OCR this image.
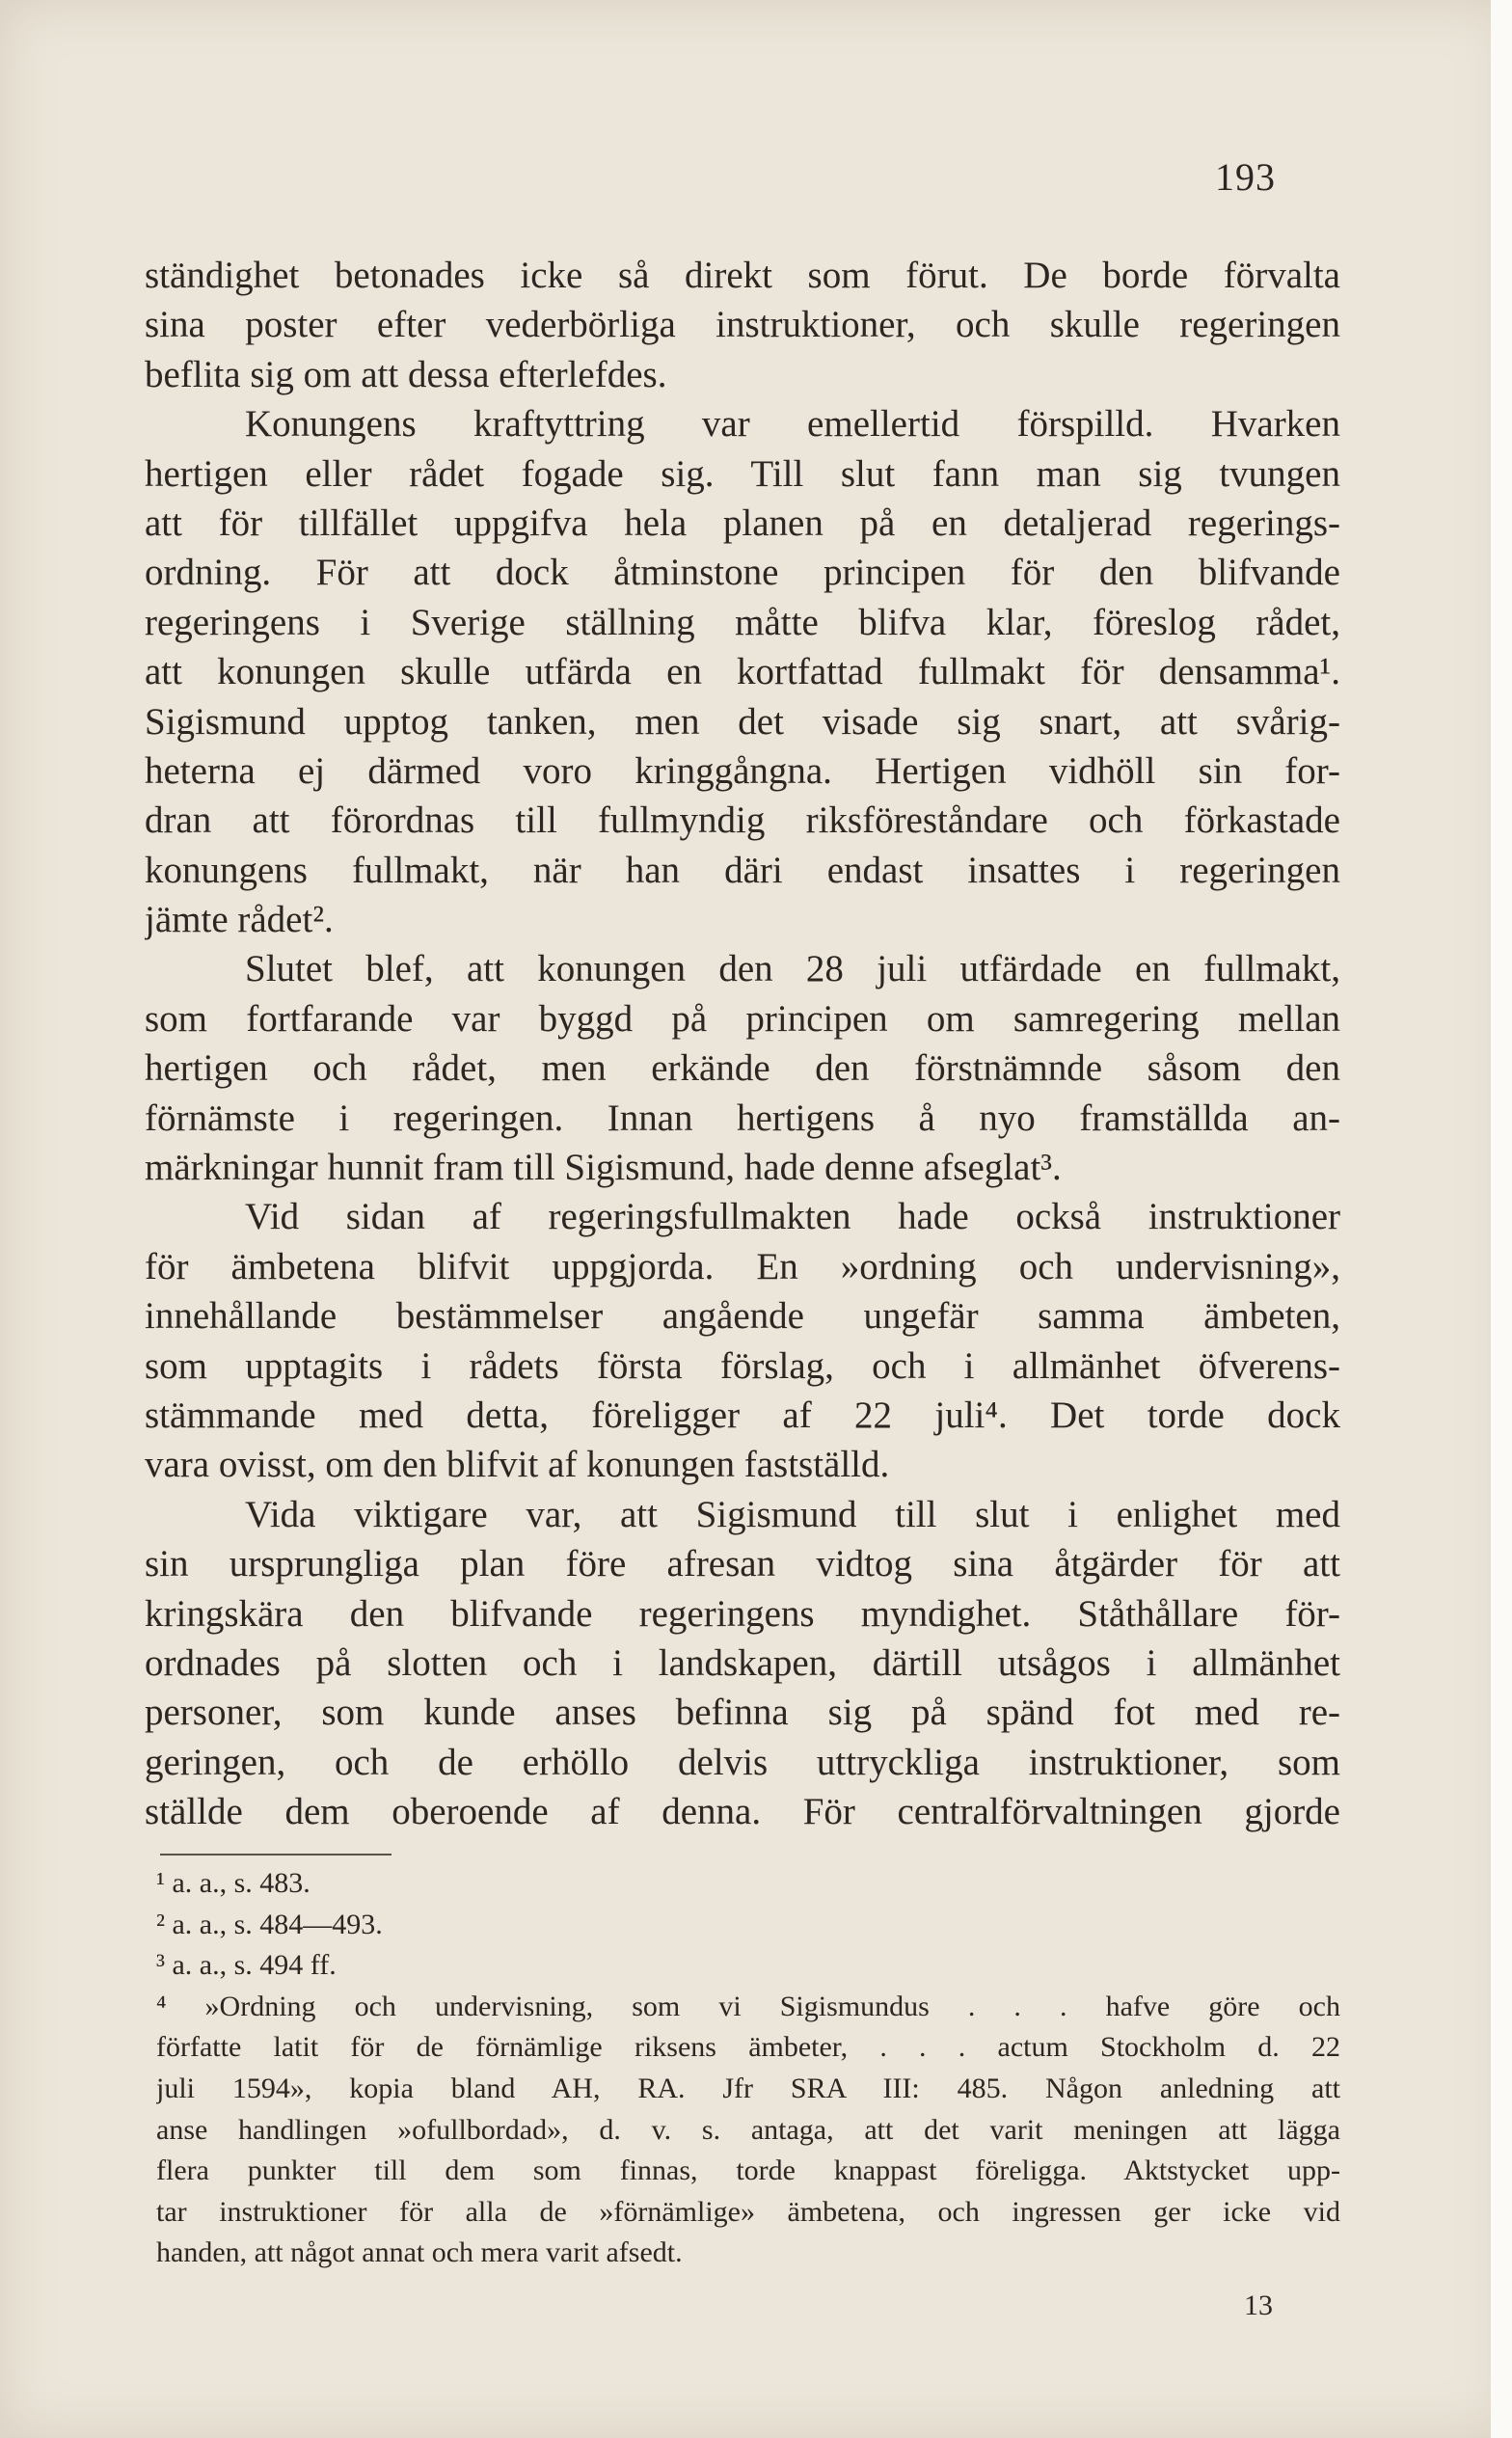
193
ständighet betonades icke så direkt som förut. De borde förvalta
sina poster efter vederbörliga instruktioner, och skulle regeringen
beflita sig om att dessa efterlefdes.
Konungens kraftyttring var emellertid förspilld. Hvarken
hertigen eller rådet fogade sig. Till slut fann man sig tvungen
att för tillfället uppgifva hela planen på en detaljerad regerings-
ordning. För att dock åtminstone principen för den blifvande
regeringens i Sverige ställning måtte blifva klar, föreslog rådet,
att konungen skulle utfärda en kortfattad fullmakt för densamma¹.
Sigismund upptog tanken, men det visade sig snart, att svårig-
heterna ej därmed voro kringgångna. Hertigen vidhöll sin for-
dran att förordnas till fullmyndig riksföreståndare och förkastade
konungens fullmakt, när han däri endast insattes i regeringen
jämte rådet².
Slutet blef, att konungen den 28 juli utfärdade en fullmakt,
som fortfarande var byggd på principen om samregering mellan
hertigen och rådet, men erkände den förstnämnde såsom den
förnämste i regeringen. Innan hertigens å nyo framställda an-
märkningar hunnit fram till Sigismund, hade denne afseglat³.
Vid sidan af regeringsfullmakten hade också instruktioner
för ämbetena blifvit uppgjorda. En »ordning och undervisning»,
innehållande bestämmelser angående ungefär samma ämbeten,
som upptagits i rådets första förslag, och i allmänhet öfverens-
stämmande med detta, föreligger af 22 juli⁴. Det torde dock
vara ovisst, om den blifvit af konungen fastställd.
Vida viktigare var, att Sigismund till slut i enlighet med
sin ursprungliga plan före afresan vidtog sina åtgärder för att
kringskära den blifvande regeringens myndighet. Ståthållare för-
ordnades på slotten och i landskapen, därtill utsågos i allmänhet
personer, som kunde anses befinna sig på spänd fot med re-
geringen, och de erhöllo delvis uttryckliga instruktioner, som
ställde dem oberoende af denna. För centralförvaltningen gjorde
¹ a. a., s. 483.
² a. a., s. 484—493.
³ a. a., s. 494 ff.
⁴ »Ordning och undervisning, som vi Sigismundus . . . hafve göre och
författe latit för de förnämlige riksens ämbeter, . . . actum Stockholm d. 22
juli 1594», kopia bland AH, RA. Jfr SRA III: 485. Någon anledning att
anse handlingen »ofullbordad», d. v. s. antaga, att det varit meningen att lägga
flera punkter till dem som finnas, torde knappast föreligga. Aktstycket upp-
tar instruktioner för alla de »förnämlige» ämbetena, och ingressen ger icke vid
handen, att något annat och mera varit afsedt.
13
